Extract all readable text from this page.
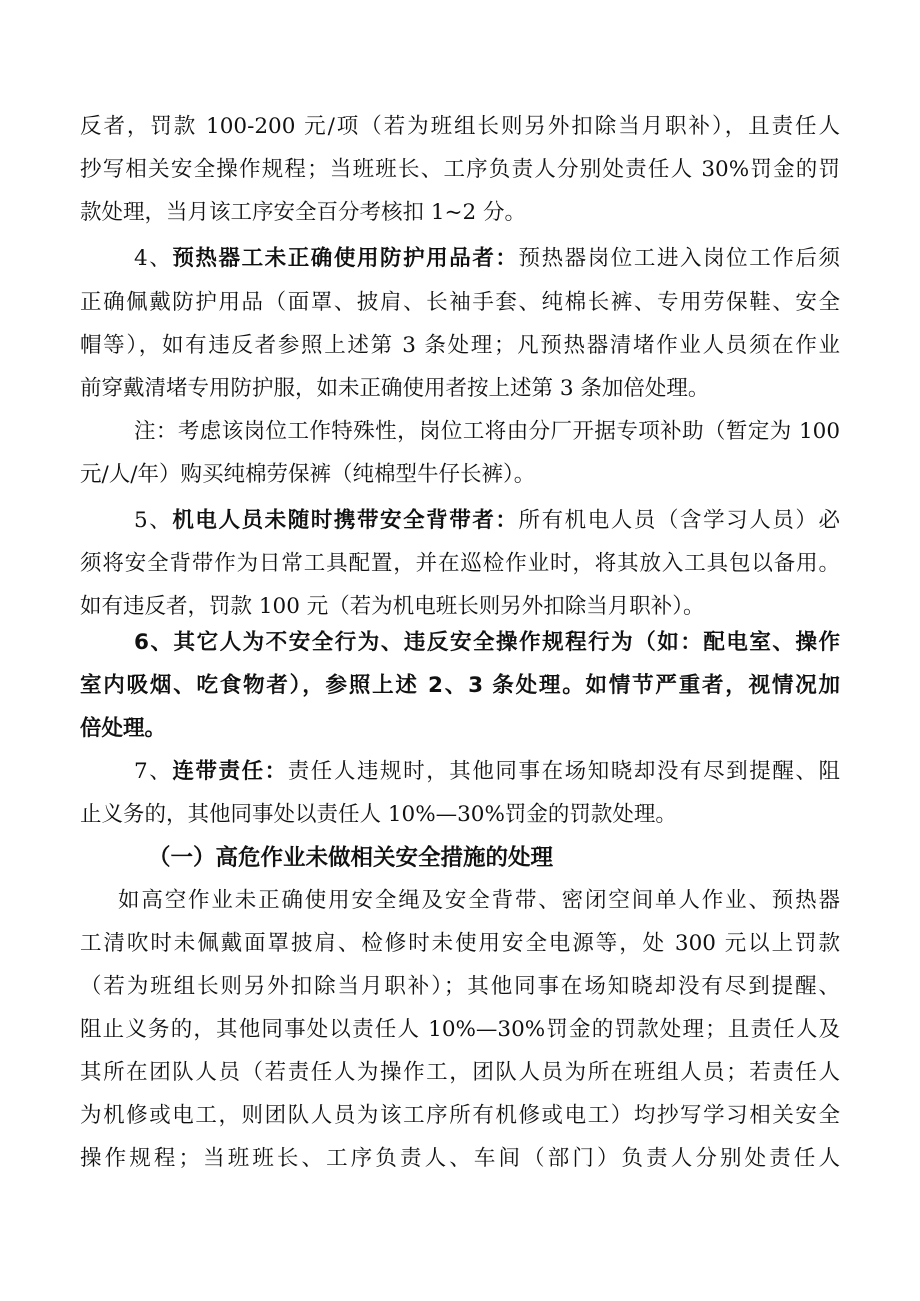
反者，罚款 100-200 元/项（若为班组长则另外扣除当月职补），且责任人
抄写相关安全操作规程；当班班长、工序负责人分别处责任人 30%罚金的罚
款处理，当月该工序安全百分考核扣 1~2 分。
4、预热器工未正确使用防护用品者：预热器岗位工进入岗位工作后须
正确佩戴防护用品（面罩、披肩、长袖手套、纯棉长裤、专用劳保鞋、安全
帽等），如有违反者参照上述第 3 条处理；凡预热器清堵作业人员须在作业
前穿戴清堵专用防护服，如未正确使用者按上述第 3 条加倍处理。
注：考虑该岗位工作特殊性，岗位工将由分厂开据专项补助（暂定为 100
元/人/年）购买纯棉劳保裤（纯棉型牛仔长裤）。
5、机电人员未随时携带安全背带者：所有机电人员（含学习人员）必
须将安全背带作为日常工具配置，并在巡检作业时，将其放入工具包以备用。
如有违反者，罚款 100 元（若为机电班长则另外扣除当月职补）。
6、其它人为不安全行为、违反安全操作规程行为（如：配电室、操作
室内吸烟、吃食物者），参照上述 2、3 条处理。如情节严重者，视情况加
倍处理。
7、连带责任：责任人违规时，其他同事在场知晓却没有尽到提醒、阻
止义务的，其他同事处以责任人 10%—30%罚金的罚款处理。
（一）高危作业未做相关安全措施的处理
如高空作业未正确使用安全绳及安全背带、密闭空间单人作业、预热器
工清吹时未佩戴面罩披肩、检修时未使用安全电源等，处 300 元以上罚款
（若为班组长则另外扣除当月职补）；其他同事在场知晓却没有尽到提醒、
阻止义务的，其他同事处以责任人 10%—30%罚金的罚款处理；且责任人及
其所在团队人员（若责任人为操作工，团队人员为所在班组人员；若责任人
为机修或电工，则团队人员为该工序所有机修或电工）均抄写学习相关安全
操作规程；当班班长、工序负责人、车间（部门）负责人分别处责任人
